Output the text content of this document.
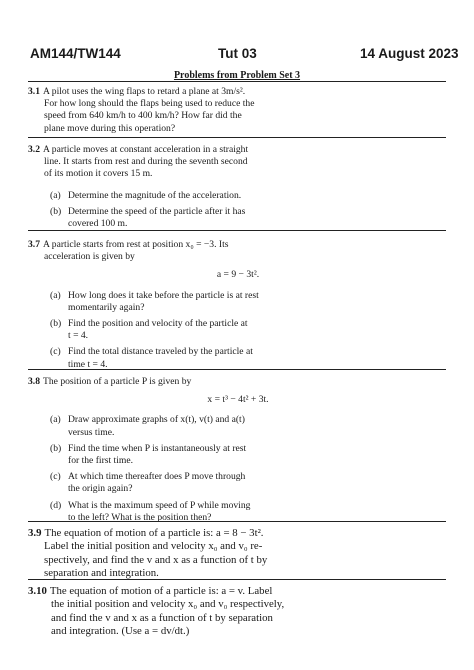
AM144/TW144	Tut 03	14 August 2023
Problems from Problem Set 3
3.1 A pilot uses the wing flaps to retard a plane at 3m/s².
For how long should the flaps being used to reduce the
speed from 640 km/h to 400 km/h? How far did the
plane move during this operation?
3.2 A particle moves at constant acceleration in a straight
line. It starts from rest and during the seventh second
of its motion it covers 15 m.
(a) Determine the magnitude of the acceleration.
(b) Determine the speed of the particle after it has
covered 100 m.
3.7 A particle starts from rest at position x₀ = −3. Its
acceleration is given by
a = 9 − 3t².
(a) How long does it take before the particle is at rest
momentarily again?
(b) Find the position and velocity of the particle at
t = 4.
(c) Find the total distance traveled by the particle at
time t = 4.
3.8 The position of a particle P is given by
x = t³ − 4t² + 3t.
(a) Draw approximate graphs of x(t), v(t) and a(t)
versus time.
(b) Find the time when P is instantaneously at rest
for the first time.
(c) At which time thereafter does P move through
the origin again?
(d) What is the maximum speed of P while moving
to the left? What is the position then?
3.9 The equation of motion of a particle is: a = 8 − 3t².
Label the initial position and velocity x₀ and v₀ re-
spectively, and find the v and x as a function of t by
separation and integration.
3.10 The equation of motion of a particle is: a = v. Label
the initial position and velocity x₀ and v₀ respectively,
and find the v and x as a function of t by separation
and integration. (Use a = dv/dt.)
